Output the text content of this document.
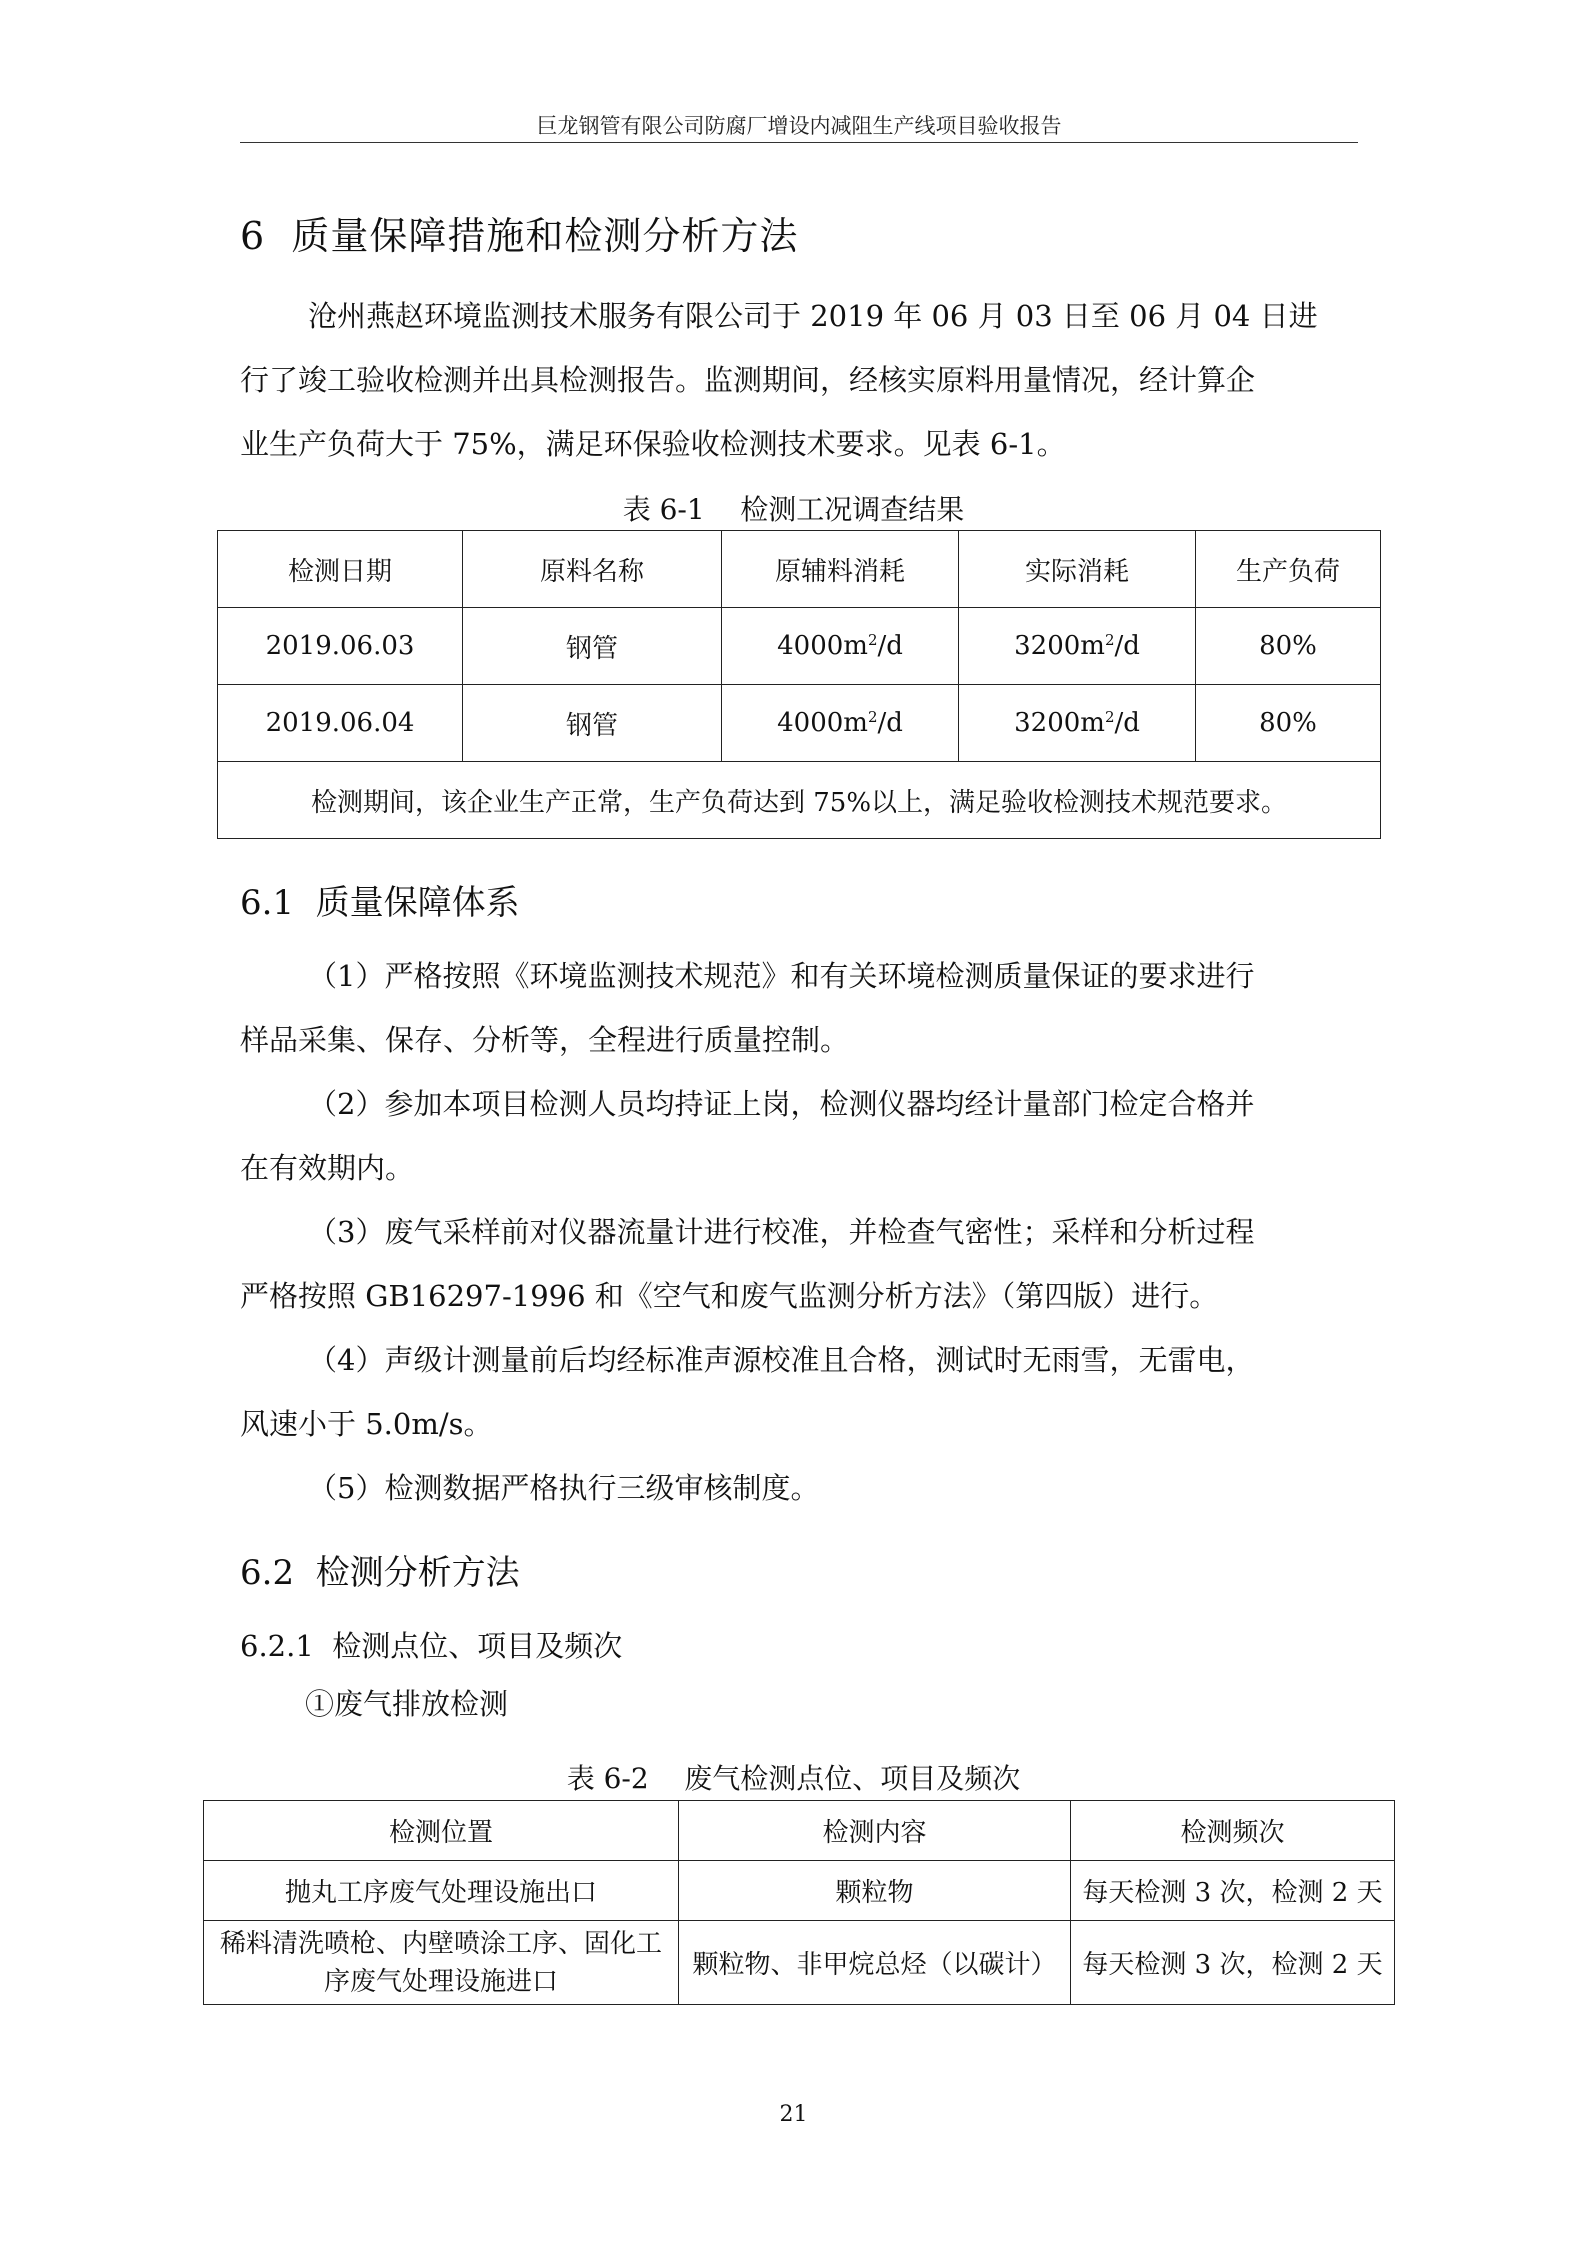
巨龙钢管有限公司防腐厂增设内减阻生产线项目验收报告
6  质量保障措施和检测分析方法
沧州燕赵环境监测技术服务有限公司于 2019 年 06 月 03 日至 06 月 04 日进
行了竣工验收检测并出具检测报告。监测期间，经核实原料用量情况，经计算企
业生产负荷大于 75%，满足环保验收检测技术要求。见表 6-1。
表 6-1    检测工况调查结果
检测日期	原料名称	原辅料消耗	实际消耗	生产负荷
2019.06.03	钢管	$4000m^2/d$	$3200m^2/d$	80%
2019.06.04	钢管	$4000m^2/d$	$3200m^2/d$	80%
检测期间，该企业生产正常，生产负荷达到 75%以上，满足验收检测技术规范要求。				
6.1  质量保障体系
（1）严格按照《环境监测技术规范》和有关环境检测质量保证的要求进行
样品采集、保存、分析等，全程进行质量控制。
（2）参加本项目检测人员均持证上岗，检测仪器均经计量部门检定合格并
在有效期内。
（3）废气采样前对仪器流量计进行校准，并检查气密性；采样和分析过程
严格按照 GB16297-1996 和《空气和废气监测分析方法》（第四版）进行。
（4）声级计测量前后均经标准声源校准且合格，测试时无雨雪，无雷电，
风速小于 5.0m/s。
（5）检测数据严格执行三级审核制度。
6.2  检测分析方法
6.2.1  检测点位、项目及频次
①废气排放检测
表 6-2    废气检测点位、项目及频次
检测位置	检测内容	检测频次
抛丸工序废气处理设施出口	颗粒物	每天检测 3 次，检测 2 天

稀料清洗喷枪、内壁喷涂工序、固化工
序废气处理设施进口	颗粒物、非甲烷总烃（以碳计）	每天检测 3 次，检测 2 天
21
